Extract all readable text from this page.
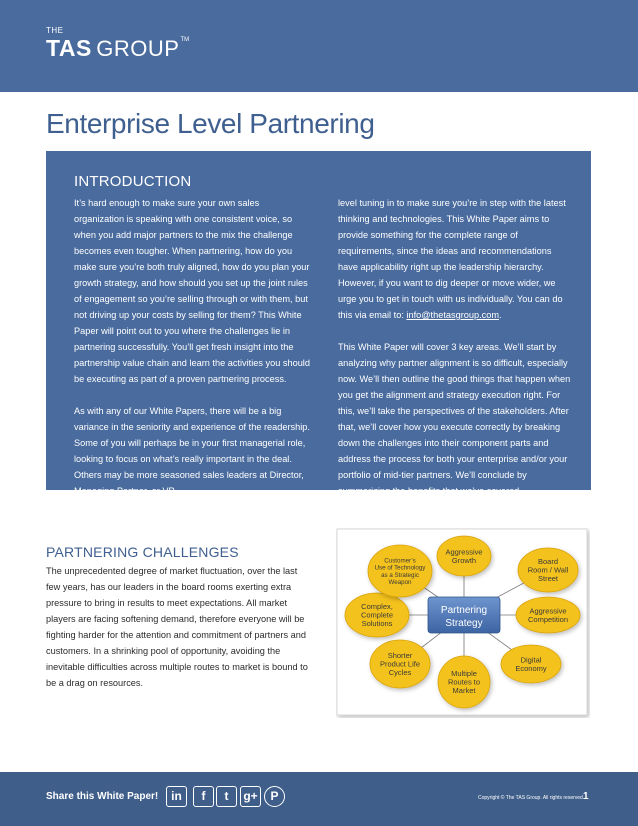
THE
TAS GROUP™
Enterprise Level Partnering
INTRODUCTION

It’s hard enough to make sure your own sales organization is speaking with one consistent voice, so when you add major partners to the mix the challenge becomes even tougher. When partnering, how do you make sure you’re both truly aligned, how do you plan your growth strategy, and how should you set up the joint rules of engagement so you’re selling through or with them, but not driving up your costs by selling for them? This White Paper will point out to you where the challenges lie in partnering successfully. You’ll get fresh insight into the partnership value chain and learn the activities you should be executing as part of a proven partnering process.

As with any of our White Papers, there will be a big variance in the seniority and experience of the readership. Some of you will perhaps be in your first managerial role, looking to focus on what’s really important in the deal. Others may be more seasoned sales leaders at Director, Managing Partner, or VP

level tuning in to make sure you’re in step with the latest thinking and technologies. This White Paper aims to provide something for the complete range of requirements, since the ideas and recommendations have applicability right up the leadership hierarchy. However, if you want to dig deeper or move wider, we urge you to get in touch with us individually. You can do this via email to: info@thetasgroup.com.

This White Paper will cover 3 key areas. We’ll start by analyzing why partner alignment is so difficult, especially now. We’ll then outline the good things that happen when you get the alignment and strategy execution right. For this, we’ll take the perspectives of the stakeholders. After that, we’ll cover how you execute correctly by breaking down the challenges into their component parts and address the process for both your enterprise and/or your portfolio of mid-tier partners. We’ll conclude by summarizing the benefits that we’ve covered.

PARTNERING CHALLENGES

The unprecedented degree of market fluctuation, over the last few years, has our leaders in the board rooms exerting extra pressure to bring in results to meet expectations. All market players are facing softening demand, therefore everyone will be fighting harder for the attention and commitment of partners and customers. In a shrinking pool of opportunity, avoiding the inevitable difficulties across multiple routes to market is bound to be a drag on resources.

Aggressive
Growth	Board
Room / Wall
Street
Aggressive
Competition
Digital
Economy
Multiple
Routes to
Market
Shorter
Product Life
Cycles
Complex,
Complete
Solutions
Customer’s
Use of Technology
as a Strategic
Weapon
Partnering
Strategy
Share this White Paper!	in	f	t	g+	P	Copyright © The TAS Group. All rights reserved.
1
